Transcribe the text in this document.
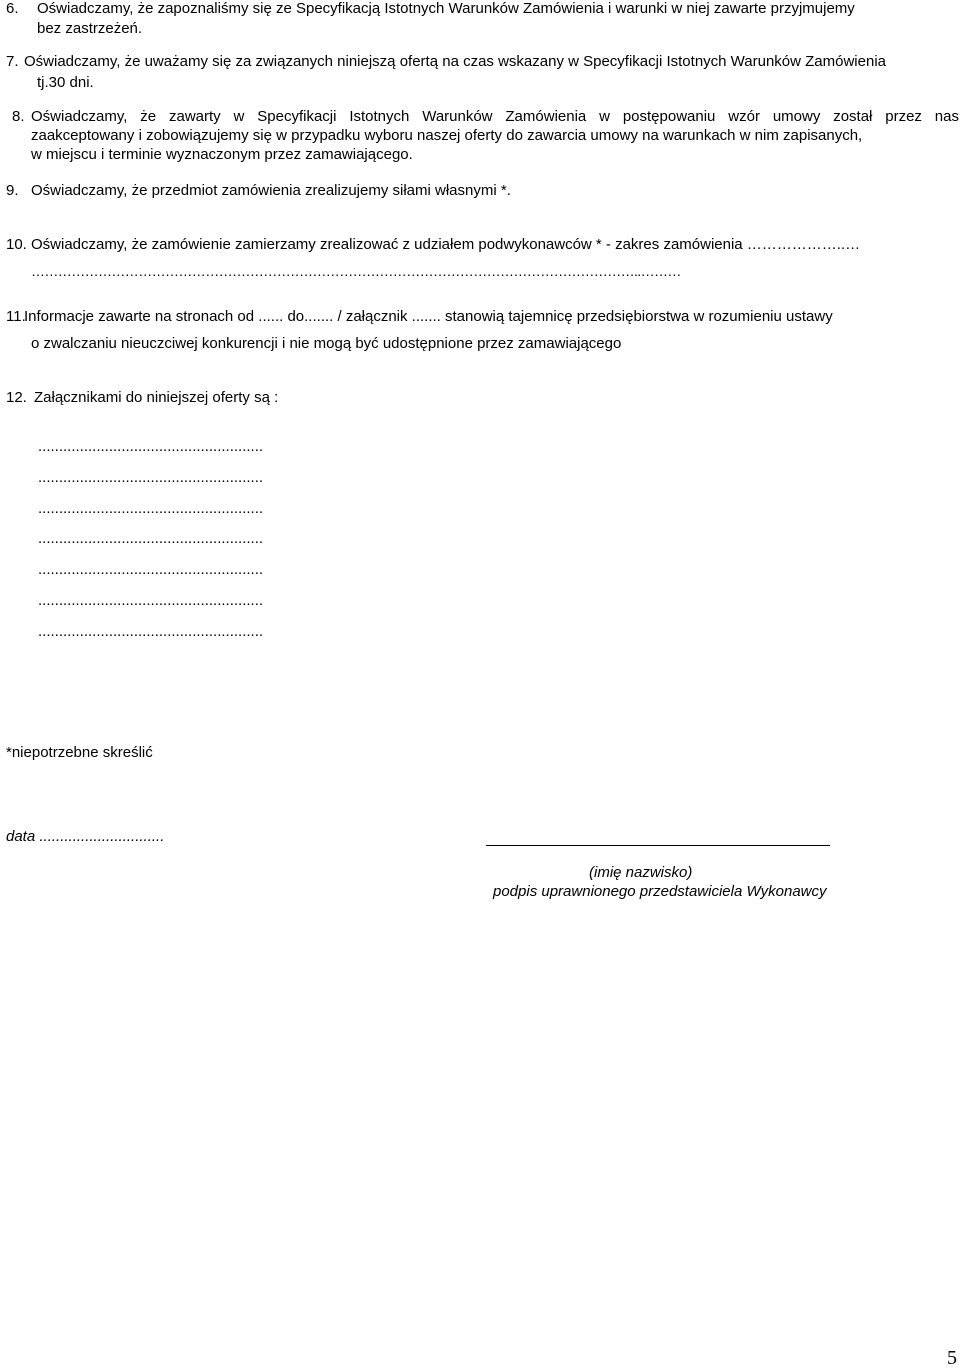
6. Oświadczamy, że zapoznaliśmy się ze Specyfikacją Istotnych Warunków Zamówienia i warunki w niej zawarte przyjmujemy
bez zastrzeżeń.
7. Oświadczamy, że uważamy się za związanych niniejszą ofertą na czas wskazany w Specyfikacji Istotnych Warunków Zamówienia
tj.30 dni.
8. Oświadczamy, że zawarty w Specyfikacji Istotnych Warunków Zamówienia w postępowaniu wzór umowy został przez nas
zaakceptowany i zobowiązujemy się w przypadku wyboru naszej oferty do zawarcia umowy na warunkach w nim zapisanych,
w miejscu i terminie wyznaczonym przez zamawiającego.
9. Oświadczamy, że przedmiot zamówienia zrealizujemy siłami własnymi *.
10. Oświadczamy, że zamówienie zamierzamy zrealizować z udziałem podwykonawców * - zakres zamówienia ………………..…
………………………………………………………………………………………………………………………..………
11.
Informacje zawarte na stronach od ...... do....... / załącznik ....... stanowią tajemnicę przedsiębiorstwa w rozumieniu ustawy
o zwalczaniu nieuczciwej konkurencji i nie mogą być udostępnione przez zamawiającego
12. Załącznikami do niniejszej oferty są :
......................................................
......................................................
......................................................
......................................................
......................................................
......................................................
......................................................
*niepotrzebne skreślić
data ..............................
(imię nazwisko)
podpis uprawnionego przedstawiciela Wykonawcy
5
